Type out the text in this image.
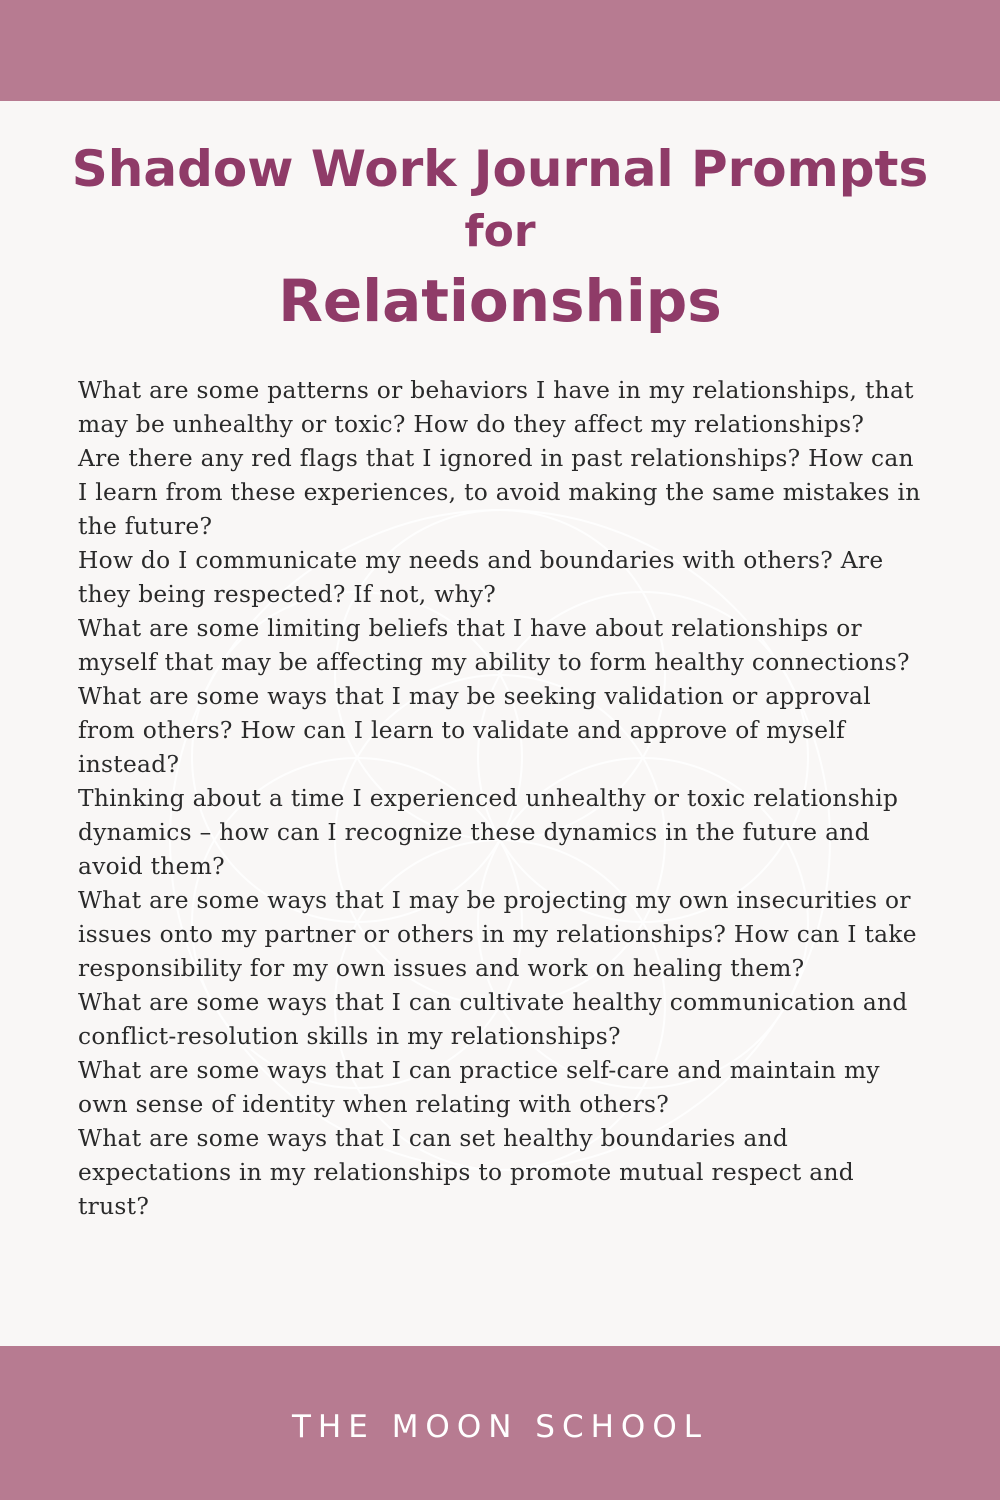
Shadow Work Journal Prompts
for
Relationships
What are some patterns or behaviors I have in my relationships, that may be unhealthy or toxic? How do they affect my relationships?
Are there any red flags that I ignored in past relationships? How can I learn from these experiences, to avoid making the same mistakes in the future?
How do I communicate my needs and boundaries with others? Are they being respected? If not, why?
What are some limiting beliefs that I have about relationships or myself that may be affecting my ability to form healthy connections?
What are some ways that I may be seeking validation or approval from others? How can I learn to validate and approve of myself instead?
Thinking about a time I experienced unhealthy or toxic relationship dynamics – how can I recognize these dynamics in the future and avoid them?
What are some ways that I may be projecting my own insecurities or issues onto my partner or others in my relationships? How can I take responsibility for my own issues and work on healing them?
What are some ways that I can cultivate healthy communication and conflict-resolution skills in my relationships?
What are some ways that I can practice self-care and maintain my own sense of identity when relating with others?
What are some ways that I can set healthy boundaries and expectations in my relationships to promote mutual respect and trust?
THE MOON SCHOOL
